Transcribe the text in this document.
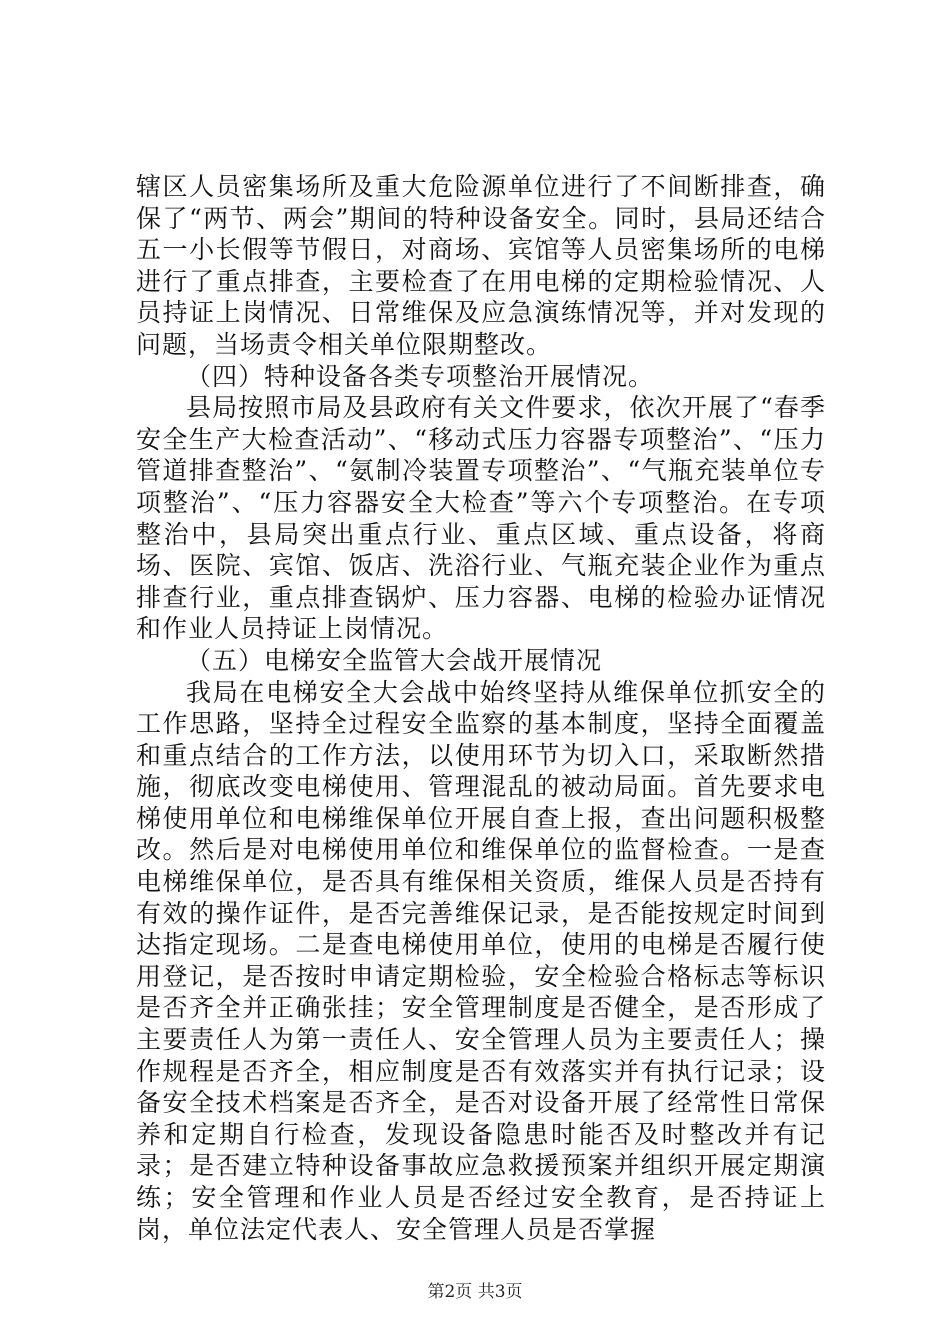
辖区人员密集场所及重大危险源单位进行了不间断排查，确保了“两节、两会”期间的特种设备安全。同时，县局还结合五一小长假等节假日，对商场、宾馆等人员密集场所的电梯进行了重点排查，主要检查了在用电梯的定期检验情况、人员持证上岗情况、日常维保及应急演练情况等，并对发现的问题，当场责令相关单位限期整改。

（四）特种设备各类专项整治开展情况。

县局按照市局及县政府有关文件要求，依次开展了“春季安全生产大检查活动”、“移动式压力容器专项整治”、“压力管道排查整治”、“氨制冷装置专项整治”、“气瓶充装单位专项整治”、“压力容器安全大检查”等六个专项整治。在专项整治中，县局突出重点行业、重点区域、重点设备，将商场、医院、宾馆、饭店、洗浴行业、气瓶充装企业作为重点排查行业，重点排查锅炉、压力容器、电梯的检验办证情况和作业人员持证上岗情况。

（五）电梯安全监管大会战开展情况

我局在电梯安全大会战中始终坚持从维保单位抓安全的工作思路，坚持全过程安全监察的基本制度，坚持全面覆盖和重点结合的工作方法，以使用环节为切入口，采取断然措施，彻底改变电梯使用、管理混乱的被动局面。首先要求电梯使用单位和电梯维保单位开展自查上报，查出问题积极整改。然后是对电梯使用单位和维保单位的监督检查。一是查电梯维保单位，是否具有维保相关资质，维保人员是否持有有效的操作证件，是否完善维保记录，是否能按规定时间到达指定现场。二是查电梯使用单位，使用的电梯是否履行使用登记，是否按时申请定期检验，安全检验合格标志等标识是否齐全并正确张挂；安全管理制度是否健全，是否形成了主要责任人为第一责任人、安全管理人员为主要责任人；操作规程是否齐全，相应制度是否有效落实并有执行记录；设备安全技术档案是否齐全，是否对设备开展了经常性日常保养和定期自行检查，发现设备隐患时能否及时整改并有记录；是否建立特种设备事故应急救援预案并组织开展定期演练；安全管理和作业人员是否经过安全教育，是否持证上岗，单位法定代表人、安全管理人员是否掌握

第2页 共3页
